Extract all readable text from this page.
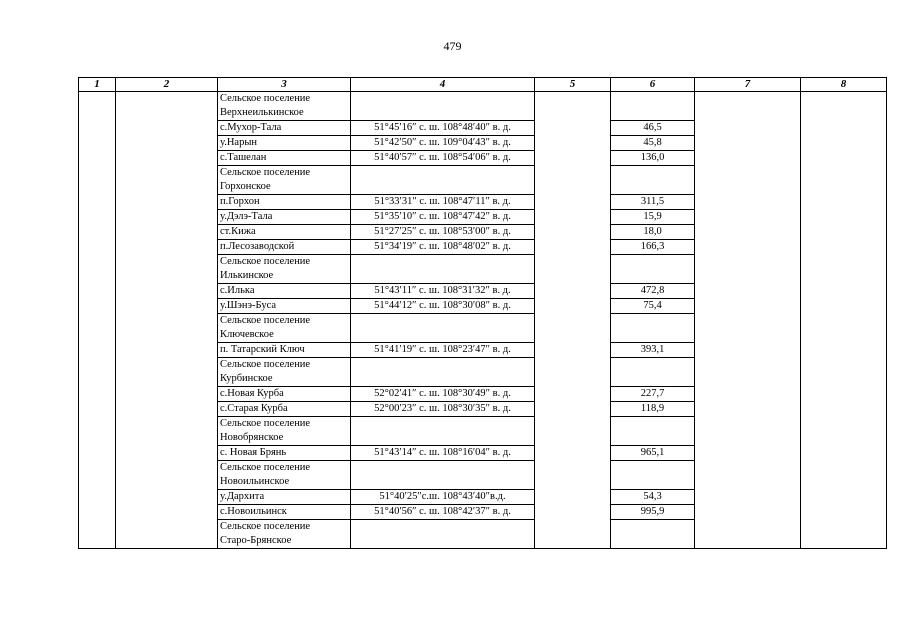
479
1	2	3	4	5	6	7	8
		Сельское поселение					
		Верхнеилькинское					
		с.Мухор-Тала	51°45′16″ с. ш. 108°48′40″ в. д.		46,5		
		у.Нарын	51°42′50″ с. ш. 109°04′43″ в. д.		45,8		
		с.Ташелан	51°40′57″ с. ш. 108°54′06″ в. д.		136,0		
		Сельское поселение					
		Горхонское					
		п.Горхон	51°33′31″ с. ш. 108°47′11″ в. д.		311,5		
		у.Дэлэ-Тала	51°35′10″ с. ш. 108°47′42″ в. д.		15,9		
		ст.Кижа	51°27′25″ с. ш. 108°53′00″ в. д.		18,0		
		п.Лесозаводской	51°34′19″ с. ш. 108°48′02″ в. д.		166,3		
		Сельское поселение					
		Илькинское					
		с.Илька	51°43′11″ с. ш. 108°31′32″ в. д.		472,8		
		у.Шэнэ-Буса	51°44′12″ с. ш. 108°30′08″ в. д.		75,4		
		Сельское поселение					
		Ключевское					
		п. Татарский Ключ	51°41′19″ с. ш. 108°23′47″ в. д.		393,1		
		Сельское поселение					
		Курбинское					
		с.Новая Курба	52°02′41″ с. ш. 108°30′49″ в. д.		227,7		
		с.Старая Курба	52°00′23″ с. ш. 108°30′35″ в. д.		118,9		
		Сельское поселение					
		Новобрянское					
		с. Новая Брянь	51°43′14″ с. ш. 108°16′04″ в. д.		965,1		
		Сельское поселение					
		Новоильинское					
		у.Дархита	51°40′25″с.ш. 108°43′40″в.д.		54,3		
		с.Новоильинск	51°40′56″ с. ш. 108°42′37″ в. д.		995,9		
		Сельское поселение					
		Старо-Брянское					
